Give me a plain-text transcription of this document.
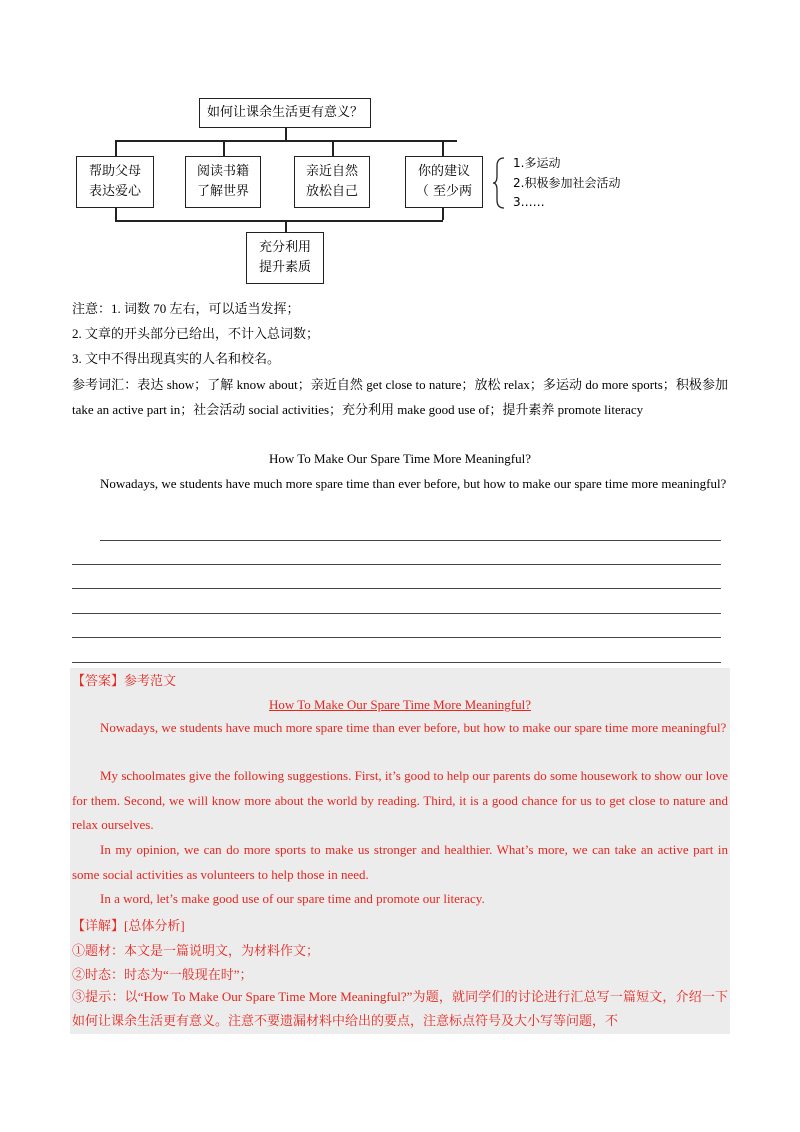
如何让课余生活更有意义？
帮助父母
表达爱心
阅读书籍
了解世界
亲近自然
放松自己
你的建议
（ 至少两
充分利用
提升素质
1.多运动
2.积极参加社会活动
3……
注意：1. 词数 70 左右，可以适当发挥；
2. 文章的开头部分已给出，不计入总词数；
3. 文中不得出现真实的人名和校名。
参考词汇：表达 show；了解 know about；亲近自然 get close to nature；放松 relax；多运动 do more sports；积极参加 take an active part in；社会活动 social activities；充分利用 make good use of；提升素养 promote literacy
How To Make Our Spare Time More Meaningful?
Nowadays, we students have much more spare time than ever before, but how to make our spare time more meaningful?
【答案】参考范文
How To Make Our Spare Time More Meaningful?
Nowadays, we students have much more spare time than ever before, but how to make our spare time more meaningful?
My schoolmates give the following suggestions. First, it’s good to help our parents do some housework to show our love for them. Second, we will know more about the world by reading. Third, it is a good chance for us to get close to nature and relax ourselves.
In my opinion, we can do more sports to make us stronger and healthier. What’s more, we can take an active part in some social activities as volunteers to help those in need.
In a word, let’s make good use of our spare time and promote our literacy.
【详解】[总体分析]
①题材：本文是一篇说明文，为材料作文；
②时态：时态为“一般现在时”；
③提示：以“How To Make Our Spare Time More Meaningful?”为题，就同学们的讨论进行汇总写一篇短文，介绍一下如何让课余生活更有意义。注意不要遗漏材料中给出的要点，注意标点符号及大小写等问题，不
